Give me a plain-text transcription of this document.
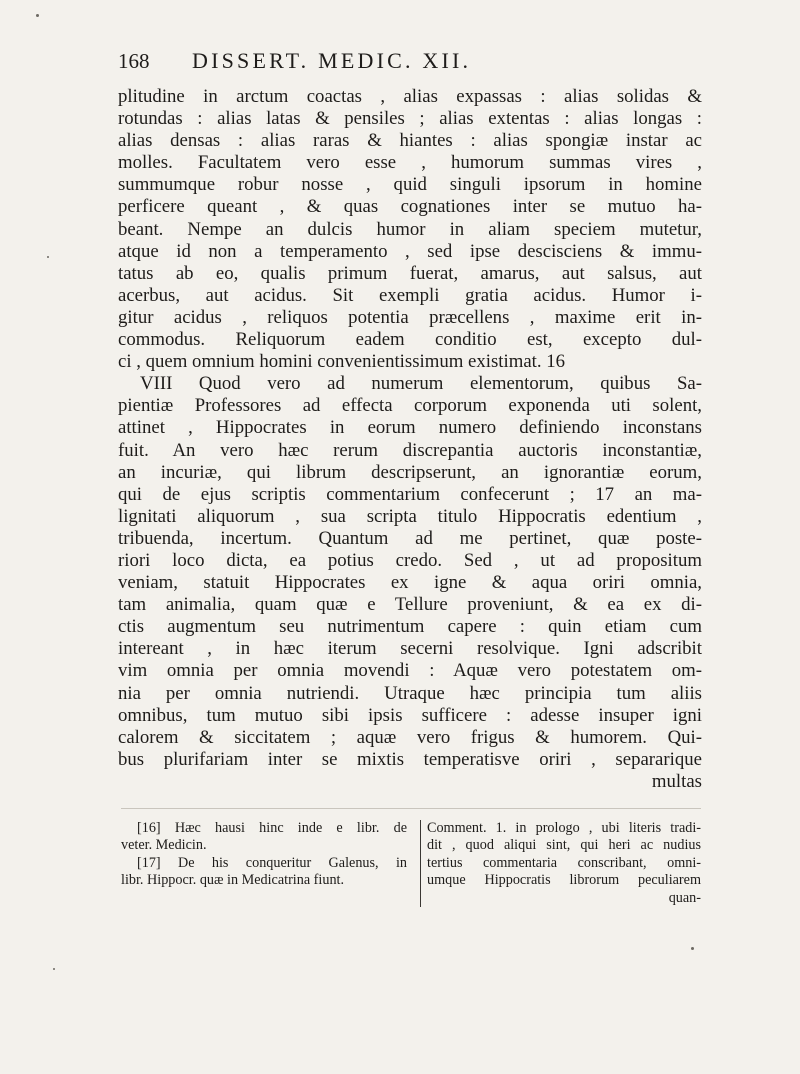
168 DISSERT. MEDIC. XII.
plitudine in arctum coactas , alias expassas : alias solidas &
rotundas : alias latas & pensiles ; alias extentas : alias longas :
alias densas : alias raras & hiantes : alias spongiæ instar ac
molles. Facultatem vero esse , humorum summas vires ,
summumque robur nosse , quid singuli ipsorum in homine
perficere queant , & quas cognationes inter se mutuo ha-
beant. Nempe an dulcis humor in aliam speciem mutetur,
atque id non a temperamento , sed ipse descisciens & immu-
tatus ab eo, qualis primum fuerat, amarus, aut salsus, aut
acerbus, aut acidus. Sit exempli gratia acidus. Humor i-
gitur acidus , reliquos potentia præcellens , maxime erit in-
commodus. Reliquorum eadem conditio est, excepto dul-
ci , quem omnium homini convenientissimum existimat. 16
VIII Quod vero ad numerum elementorum, quibus Sa-
pientiæ Professores ad effecta corporum exponenda uti solent,
attinet , Hippocrates in eorum numero definiendo inconstans
fuit. An vero hæc rerum discrepantia auctoris inconstantiæ,
an incuriæ, qui librum descripserunt, an ignorantiæ eorum,
qui de ejus scriptis commentarium confecerunt ; 17 an ma-
lignitati aliquorum , sua scripta titulo Hippocratis edentium ,
tribuenda, incertum. Quantum ad me pertinet, quæ poste-
riori loco dicta, ea potius credo. Sed , ut ad propositum
veniam, statuit Hippocrates ex igne & aqua oriri omnia,
tam animalia, quam quæ e Tellure proveniunt, & ea ex di-
ctis augmentum seu nutrimentum capere : quin etiam cum
intereant , in hæc iterum secerni resolvique. Igni adscribit
vim omnia per omnia movendi : Aquæ vero potestatem om-
nia per omnia nutriendi. Utraque hæc principia tum aliis
omnibus, tum mutuo sibi ipsis sufficere : adesse insuper igni
calorem & siccitatem ; aquæ vero frigus & humorem. Qui-
bus plurifariam inter se mixtis temperatisve oriri , separarique
multas
[16] Hæc hausi hinc inde e libr. de
veter. Medicin.
[17] De his conqueritur Galenus, in
libr. Hippocr. quæ in Medicatrina fiunt.
Comment. 1. in prologo , ubi literis tradi-
dit , quod aliqui sint, qui heri ac nudius
tertius commentaria conscribant, omni-
umque Hippocratis librorum peculiarem
quan-
